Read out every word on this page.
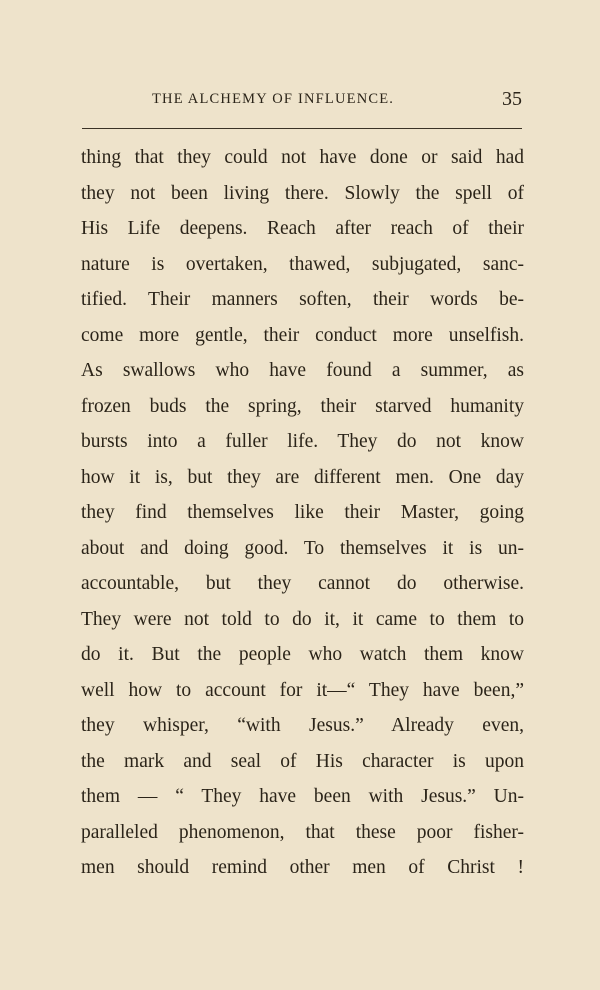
THE ALCHEMY OF INFLUENCE.	35
thing that they could not have done or said had
they not been living there. Slowly the spell of
His Life deepens. Reach after reach of their
nature is overtaken, thawed, subjugated, sanc-
tified. Their manners soften, their words be-
come more gentle, their conduct more unselfish.
As swallows who have found a summer, as
frozen buds the spring, their starved humanity
bursts into a fuller life. They do not know
how it is, but they are different men. One day
they find themselves like their Master, going
about and doing good. To themselves it is un-
accountable, but they cannot do otherwise.
They were not told to do it, it came to them to
do it. But the people who watch them know
well how to account for it—“ They have been,”
they whisper, “with Jesus.” Already even,
the mark and seal of His character is upon
them — “ They have been with Jesus.” Un-
paralleled phenomenon, that these poor fisher-
men should remind other men of Christ !
